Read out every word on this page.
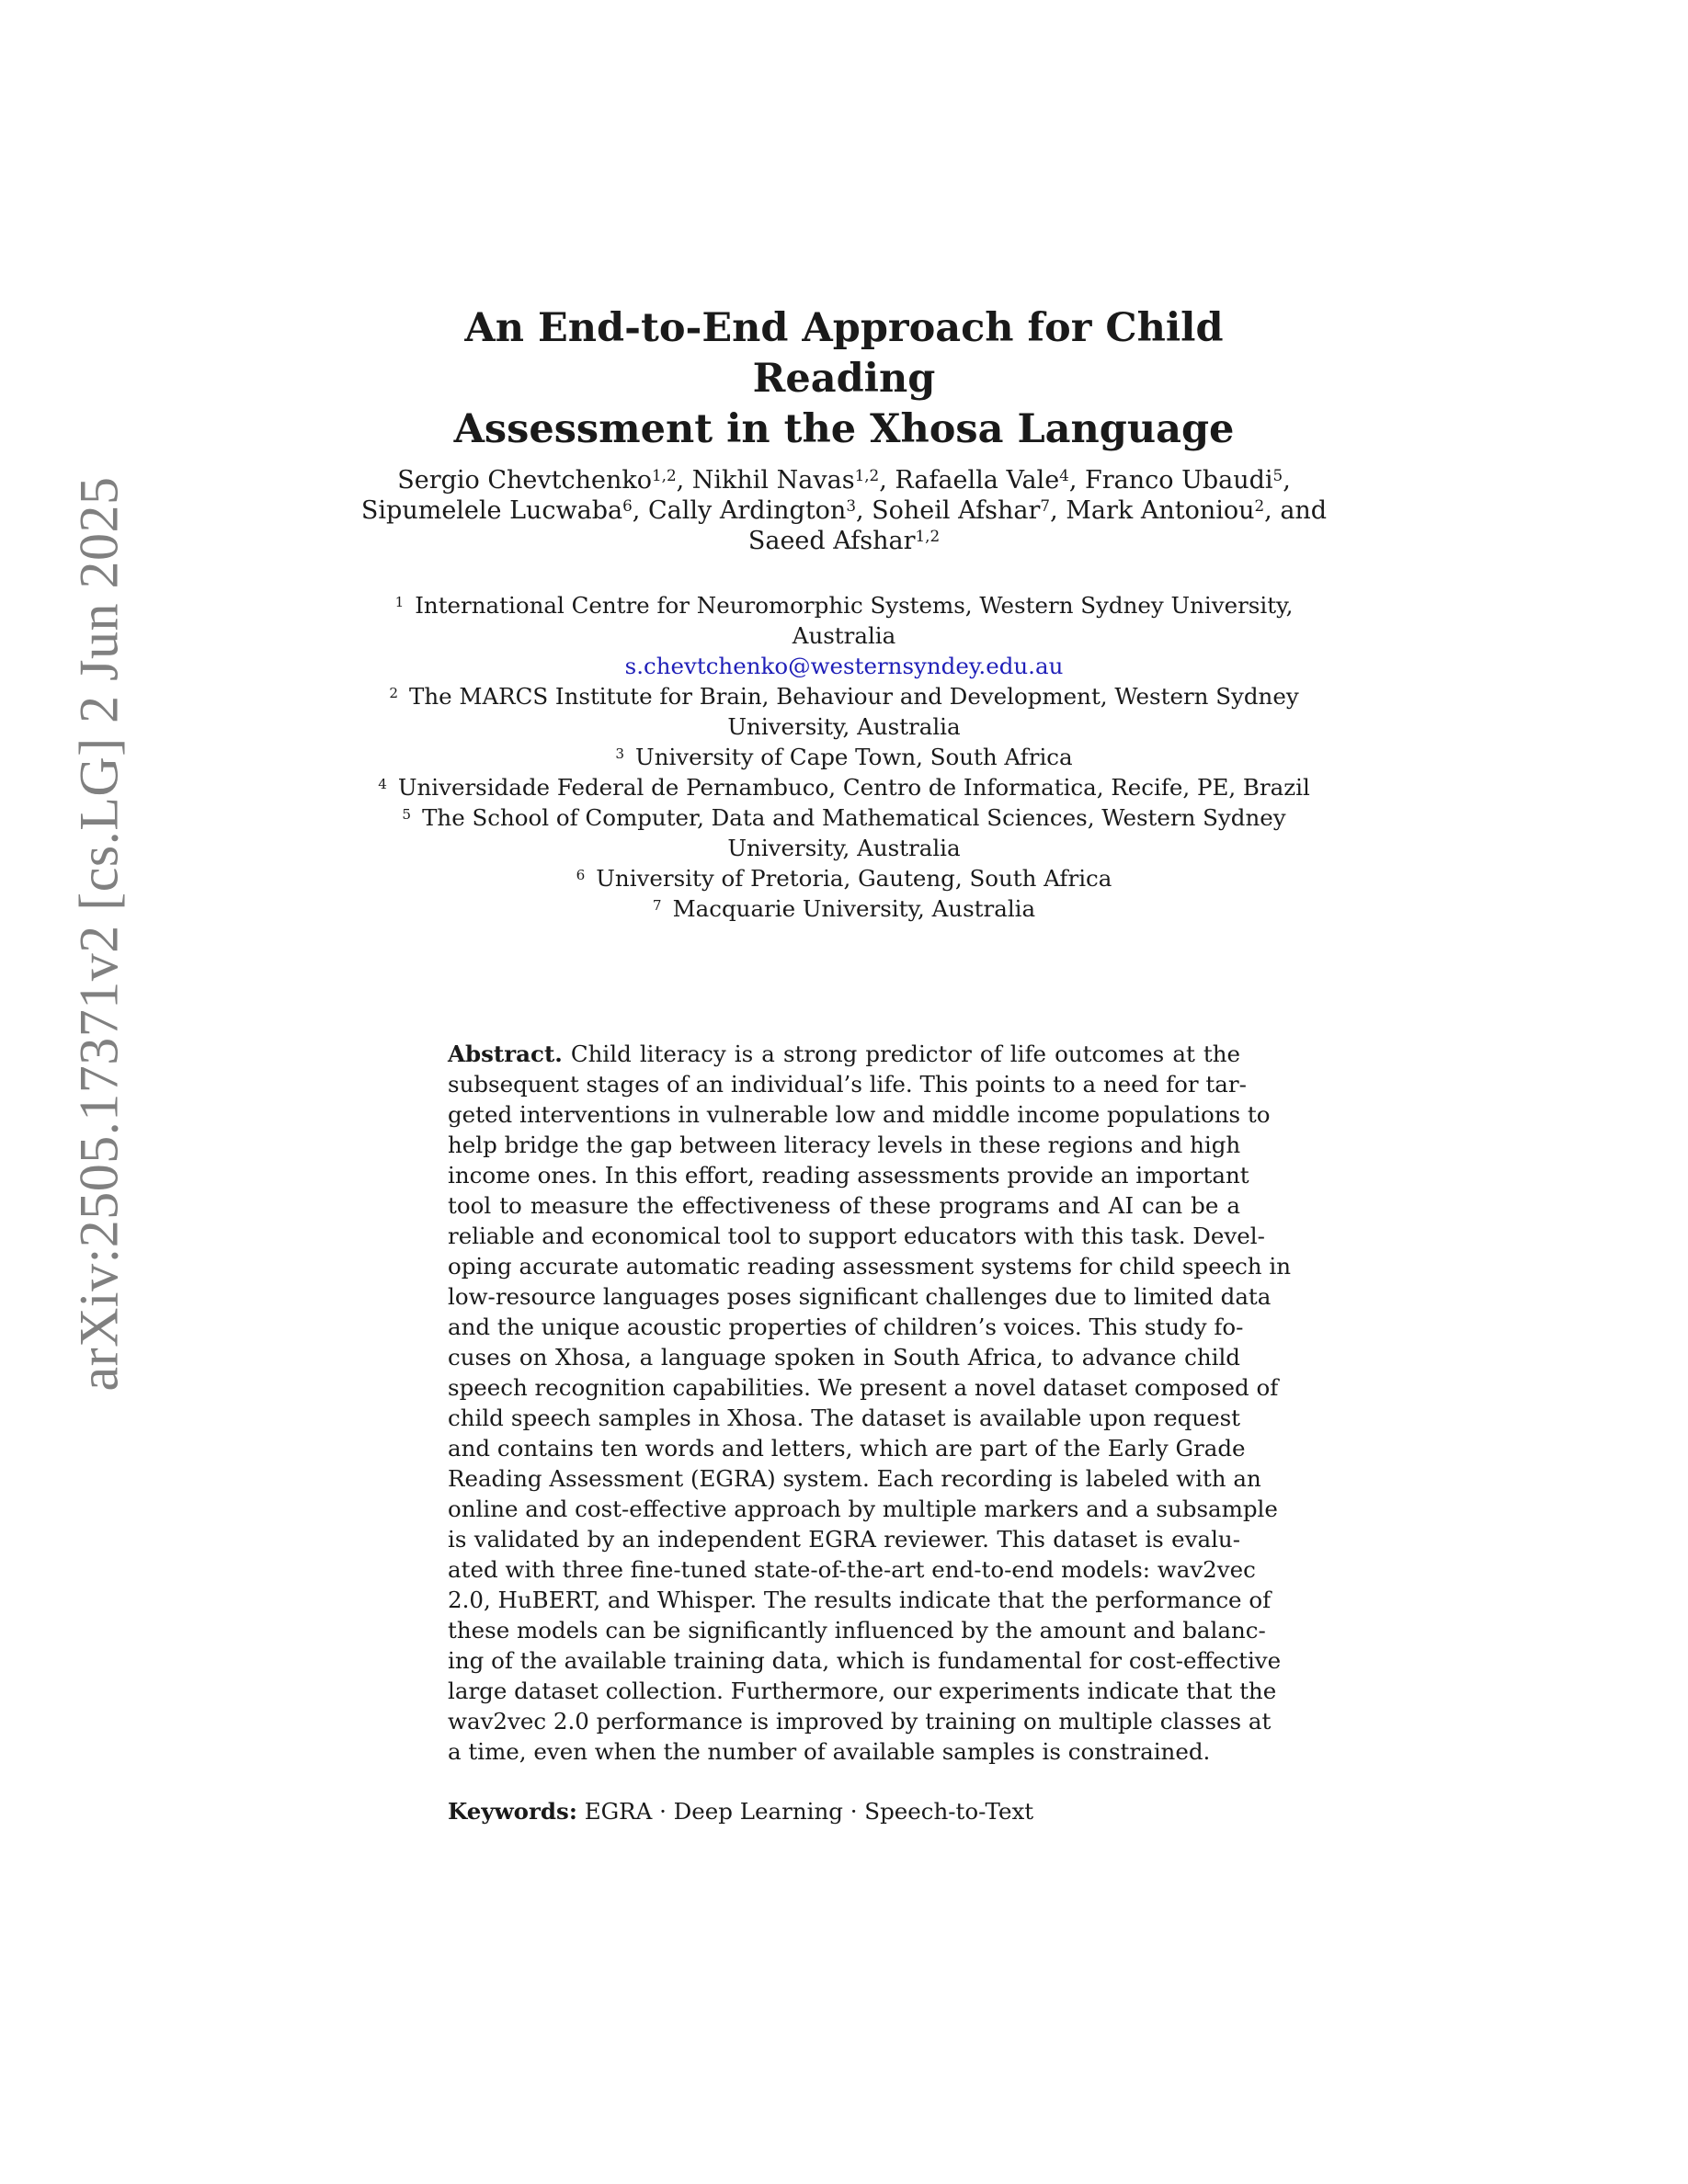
arXiv:2505.17371v2 [cs.LG] 2 Jun 2025
An End-to-End Approach for Child Reading
Assessment in the Xhosa Language
Sergio Chevtchenko$^{1,2}$, Nikhil Navas$^{1,2}$, Rafaella Vale$^4$, Franco Ubaudi$^5$,
Sipumelele Lucwaba$^6$, Cally Ardington$^3$, Soheil Afshar$^7$, Mark Antoniou$^2$, and
Saeed Afshar$^{1,2}$
$^1$ International Centre for Neuromorphic Systems, Western Sydney University,
Australia
s.chevtchenko@westernsyndey.edu.au
$^2$ The MARCS Institute for Brain, Behaviour and Development, Western Sydney
University, Australia
$^3$ University of Cape Town, South Africa
$^4$ Universidade Federal de Pernambuco, Centro de Informatica, Recife, PE, Brazil
$^5$ The School of Computer, Data and Mathematical Sciences, Western Sydney
University, Australia
$^6$ University of Pretoria, Gauteng, South Africa
$^7$ Macquarie University, Australia
Abstract. Child literacy is a strong predictor of life outcomes at the
subsequent stages of an individual’s life. This points to a need for tar-
geted interventions in vulnerable low and middle income populations to
help bridge the gap between literacy levels in these regions and high
income ones. In this effort, reading assessments provide an important
tool to measure the effectiveness of these programs and AI can be a
reliable and economical tool to support educators with this task. Devel-
oping accurate automatic reading assessment systems for child speech in
low-resource languages poses significant challenges due to limited data
and the unique acoustic properties of children’s voices. This study fo-
cuses on Xhosa, a language spoken in South Africa, to advance child
speech recognition capabilities. We present a novel dataset composed of
child speech samples in Xhosa. The dataset is available upon request
and contains ten words and letters, which are part of the Early Grade
Reading Assessment (EGRA) system. Each recording is labeled with an
online and cost-effective approach by multiple markers and a subsample
is validated by an independent EGRA reviewer. This dataset is evalu-
ated with three fine-tuned state-of-the-art end-to-end models: wav2vec
2.0, HuBERT, and Whisper. The results indicate that the performance of
these models can be significantly influenced by the amount and balanc-
ing of the available training data, which is fundamental for cost-effective
large dataset collection. Furthermore, our experiments indicate that the
wav2vec 2.0 performance is improved by training on multiple classes at
a time, even when the number of available samples is constrained.
Keywords: EGRA · Deep Learning · Speech-to-Text
